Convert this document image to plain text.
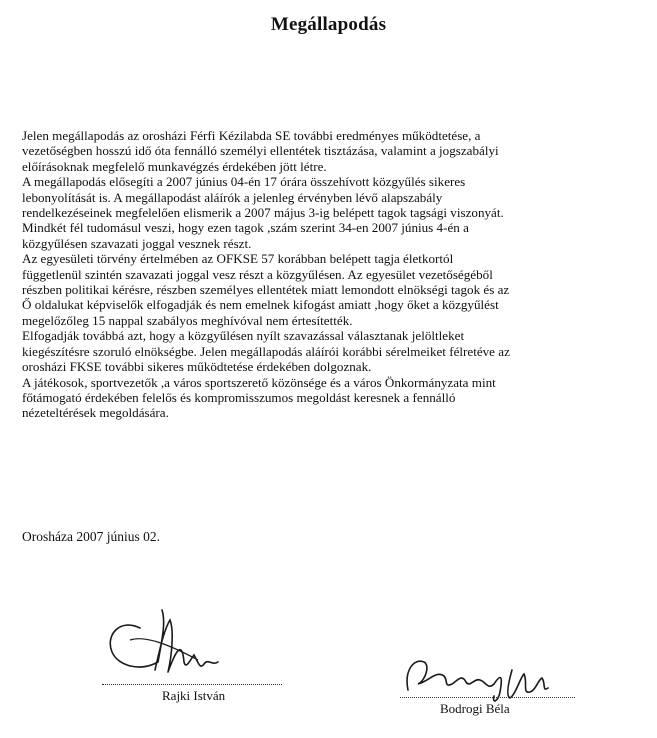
Megállapodás
Jelen megállapodás az orosházi Férfi Kézilabda SE további eredményes működtetése, a
vezetőségben hosszú idő óta fennálló személyi ellentétek tisztázása, valamint a jogszabályi
előírásoknak megfelelő munkavégzés érdekében jött létre.
A megállapodás elősegíti a 2007 június 04-én 17 órára összehívott közgyűlés sikeres
lebonyolítását is. A megállapodást aláírók a jelenleg érvényben lévő alapszabály
rendelkezéseinek megfelelően elismerik a 2007 május 3-ig belépett tagok tagsági viszonyát.
Mindkét fél tudomásul veszi, hogy ezen tagok ,szám szerint 34-en 2007 június 4-én a
közgyűlésen szavazati joggal vesznek részt.
Az egyesületi törvény értelmében az OFKSE 57 korábban belépett tagja életkortól
függetlenül szintén szavazati joggal vesz részt a közgyűlésen. Az egyesület vezetőségéből
részben politikai kérésre, részben személyes ellentétek miatt lemondott elnökségi tagok és az
Ő oldalukat képviselők elfogadják és nem emelnek kifogást amiatt ,hogy őket a közgyűlést
megelőzőleg 15 nappal szabályos meghívóval nem értesítették.
Elfogadják továbbá azt, hogy a közgyűlésen nyílt szavazással választanak jelöltleket
kiegészítésre szoruló elnökségbe. Jelen megállapodás aláírói korábbi sérelmeiket félretéve az
orosházi FKSE további sikeres működtetése érdekében dolgoznak.
A játékosok, sportvezetők ,a város sportszerető közönsége és a város Önkormányzata mint
főtámogató érdekében felelős és kompromisszumos megoldást keresnek a fennálló
nézeteltérések megoldására.
Orosháza 2007 június 02.
Rajki István
Bodrogi Béla
